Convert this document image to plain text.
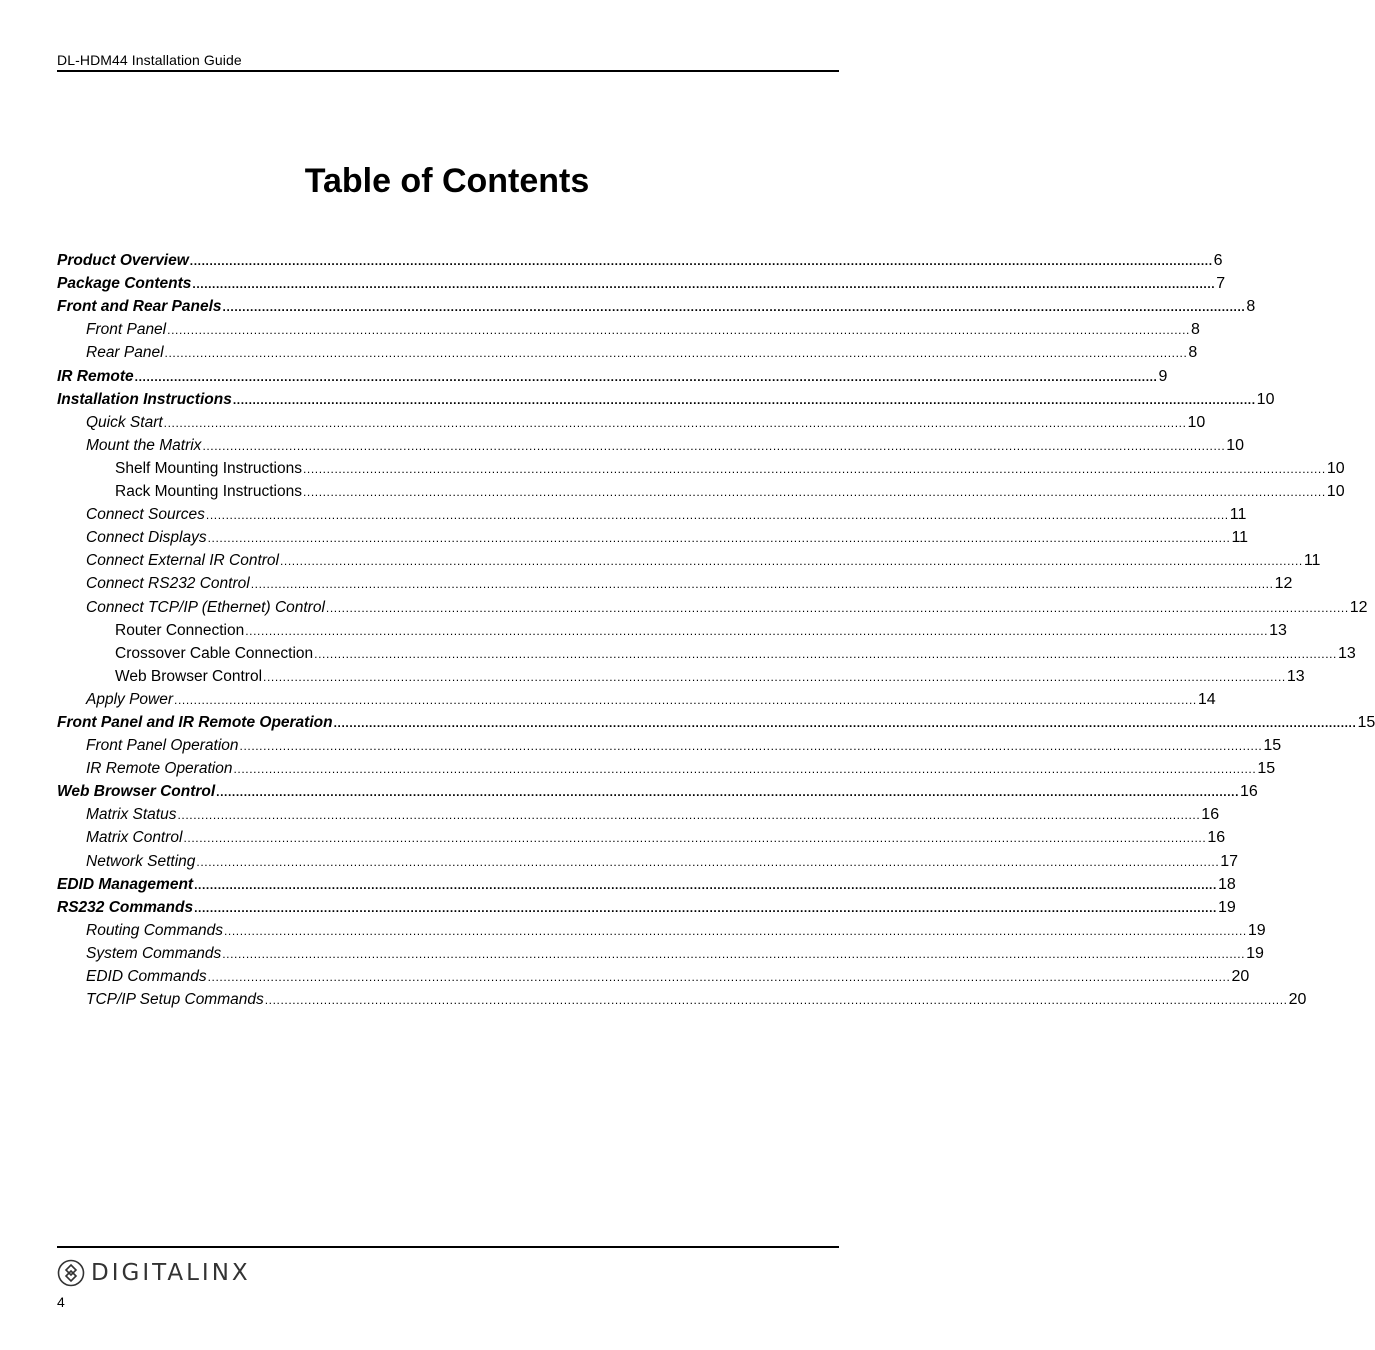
DL-HDM44 Installation Guide
Table of Contents
Product Overview .................................................................................................................................................................................................................................................................... 6
Package Contents .................................................................................................................................................................................................................................................................... 7
Front and Rear Panels .................................................................................................................................................................................................................................................................... 8
Front Panel .................................................................................................................................................................................................................................................................... 8
Rear Panel .................................................................................................................................................................................................................................................................... 8
IR Remote .................................................................................................................................................................................................................................................................... 9
Installation Instructions .................................................................................................................................................................................................................................................................... 10
Quick Start .................................................................................................................................................................................................................................................................... 10
Mount the Matrix .................................................................................................................................................................................................................................................................... 10
Shelf Mounting Instructions .................................................................................................................................................................................................................................................................... 10
Rack Mounting Instructions .................................................................................................................................................................................................................................................................... 10
Connect Sources .................................................................................................................................................................................................................................................................... 11
Connect Displays .................................................................................................................................................................................................................................................................... 11
Connect External IR Control .................................................................................................................................................................................................................................................................... 11
Connect RS232 Control .................................................................................................................................................................................................................................................................... 12
Connect TCP/IP (Ethernet) Control .................................................................................................................................................................................................................................................................... 12
Router Connection .................................................................................................................................................................................................................................................................... 13
Crossover Cable Connection .................................................................................................................................................................................................................................................................... 13
Web Browser Control .................................................................................................................................................................................................................................................................... 13
Apply Power .................................................................................................................................................................................................................................................................... 14
Front Panel and IR Remote Operation .................................................................................................................................................................................................................................................................... 15
Front Panel Operation .................................................................................................................................................................................................................................................................... 15
IR Remote Operation .................................................................................................................................................................................................................................................................... 15
Web Browser Control .................................................................................................................................................................................................................................................................... 16
Matrix Status .................................................................................................................................................................................................................................................................... 16
Matrix Control .................................................................................................................................................................................................................................................................... 16
Network Setting .................................................................................................................................................................................................................................................................... 17
EDID Management .................................................................................................................................................................................................................................................................... 18
RS232 Commands .................................................................................................................................................................................................................................................................... 19
Routing Commands .................................................................................................................................................................................................................................................................... 19
System Commands .................................................................................................................................................................................................................................................................... 19
EDID Commands .................................................................................................................................................................................................................................................................... 20
TCP/IP Setup Commands .................................................................................................................................................................................................................................................................... 20
DIGITALINX
4
